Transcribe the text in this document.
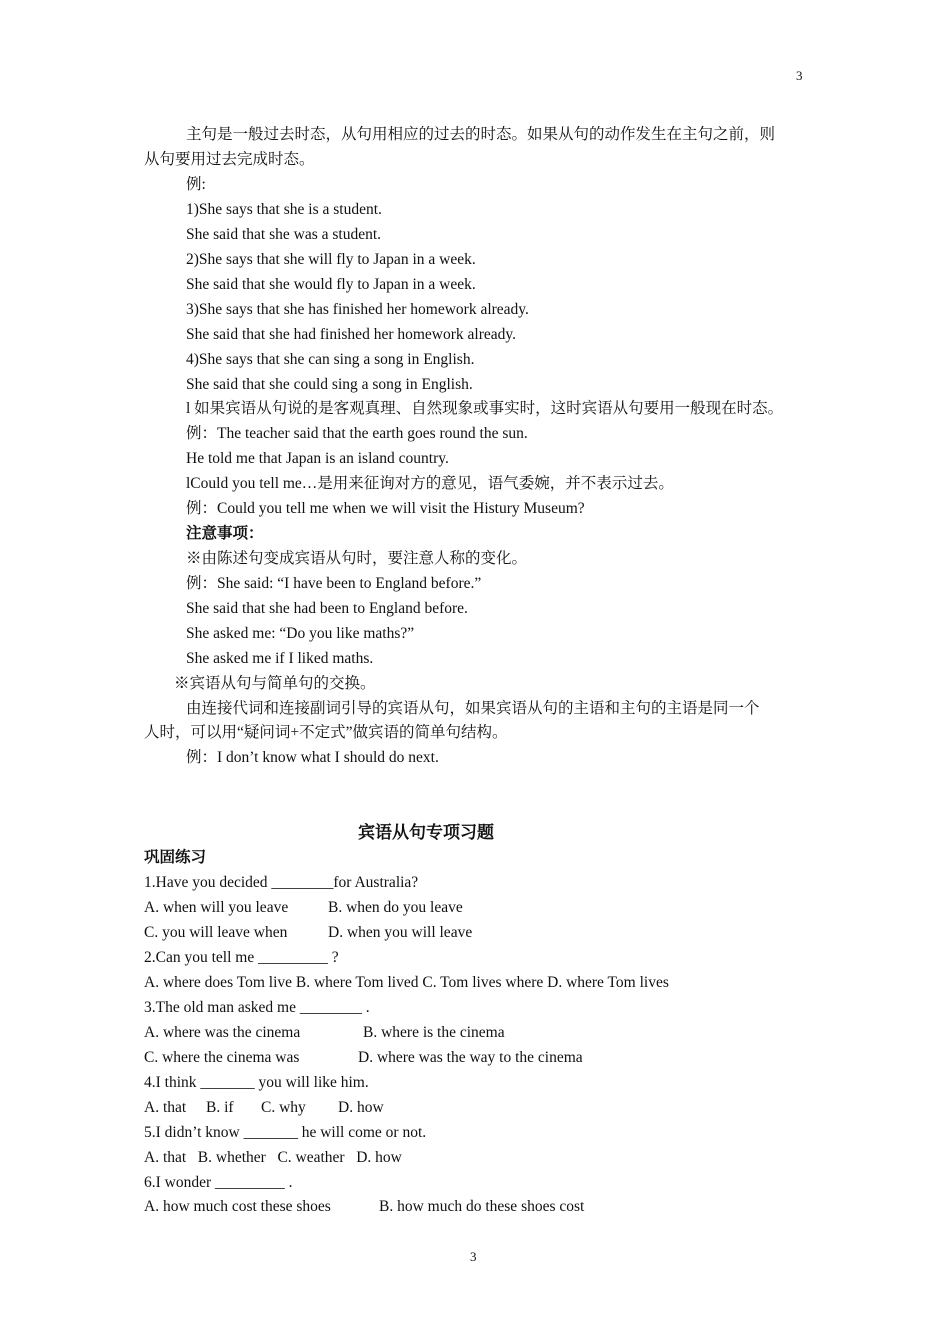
3
主句是一般过去时态，从句用相应的过去的时态。如果从句的动作发生在主句之前，则
从句要用过去完成时态。
例:
1)She says that she is a student.
She said that she was a student.
2)She says that she will fly to Japan in a week.
She said that she would fly to Japan in a week.
3)She says that she has finished her homework already.
She said that she had finished her homework already.
4)She says that she can sing a song in English.
She said that she could sing a song in English.
l 如果宾语从句说的是客观真理、自然现象或事实时，这时宾语从句要用一般现在时态。
例：The teacher said that the earth goes round the sun.
He told me that Japan is an island country.
lCould you tell me…是用来征询对方的意见，语气委婉，并不表示过去。
例：Could you tell me when we will visit the Histury Museum?
注意事项：
※由陈述句变成宾语从句时，要注意人称的变化。
例：She said: “I have been to England before.”
She said that she had been to England before.
She asked me: “Do you like maths?”
She asked me if I liked maths.
※宾语从句与简单句的交换。
由连接代词和连接副词引导的宾语从句，如果宾语从句的主语和主句的主语是同一个
人时，可以用“疑问词+不定式”做宾语的简单句结构。
例：I don’t know what I should do next.
宾语从句专项习题
巩固练习
1.Have you decided ________for Australia?
A. when will you leave	B. when do you leave
C. you will leave when	D. when you will leave
2.Can you tell me _________ ?
A. where does Tom live B. where Tom lived C. Tom lives where D. where Tom lives
3.The old man asked me ________ .
A. where was the cinema	B. where is the cinema
C. where the cinema was	D. where was the way to the cinema
4.I think _______ you will like him.
A. that B. if C. why D. how
5.I didn’t know _______ he will come or not.
A. that   B. whether   C. weather   D. how
6.I wonder _________ .
A. how much cost these shoes	B. how much do these shoes cost
3
